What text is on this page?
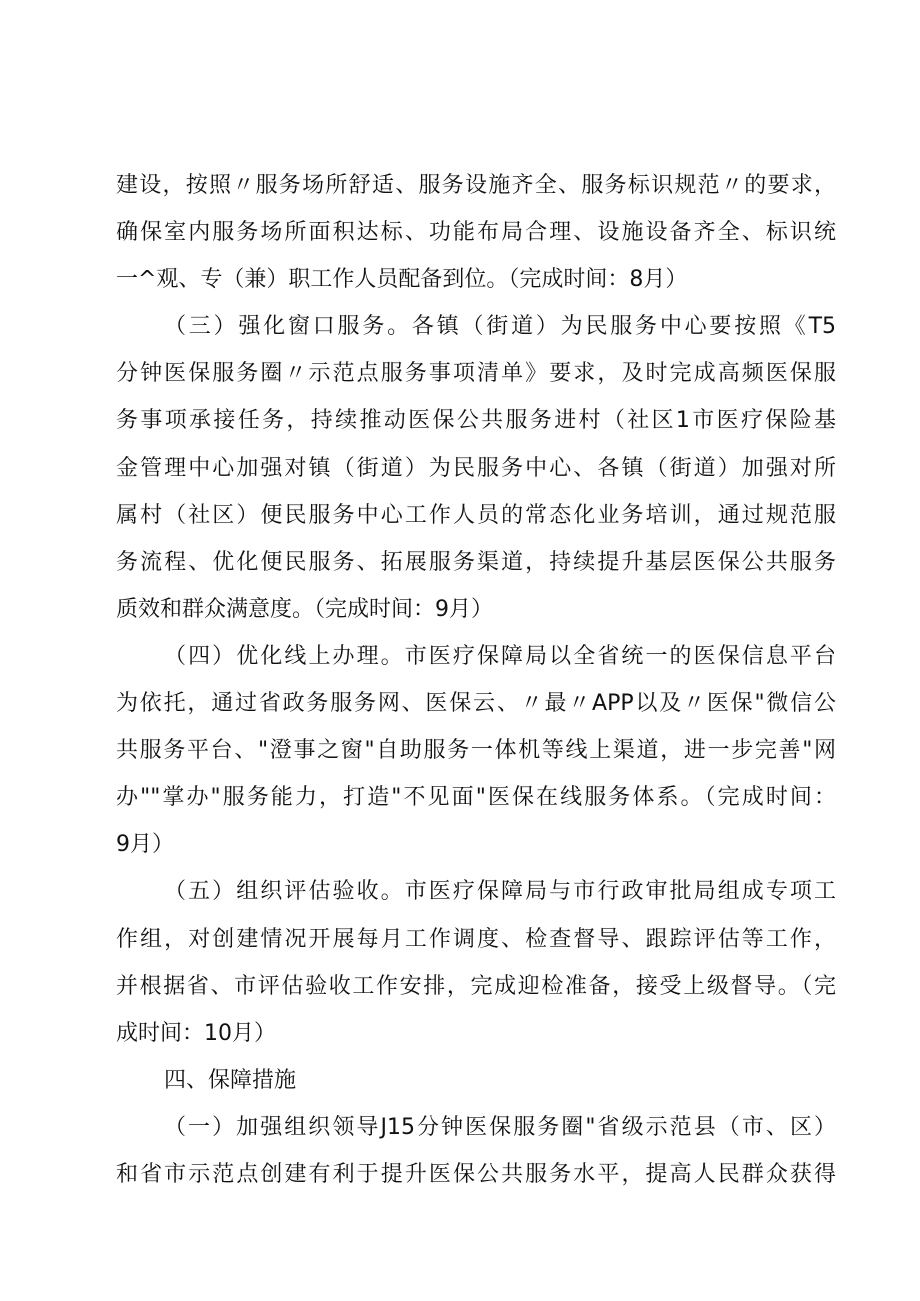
建设，按照〃服务场所舒适、服务设施齐全、服务标识规范〃的要求，
确保室内服务场所面积达标、功能布局合理、设施设备齐全、标识统
一^观、专（兼）职工作人员配备到位。（完成时间：8月）
（三）强化窗口服务。各镇（街道）为民服务中心要按照《T5
分钟医保服务圈〃示范点服务事项清单》要求，及时完成高频医保服
务事项承接任务，持续推动医保公共服务进村（社区1市医疗保险基
金管理中心加强对镇（街道）为民服务中心、各镇（街道）加强对所
属村（社区）便民服务中心工作人员的常态化业务培训，通过规范服
务流程、优化便民服务、拓展服务渠道，持续提升基层医保公共服务
质效和群众满意度。（完成时间：9月）
（四）优化线上办理。市医疗保障局以全省统一的医保信息平台
为依托，通过省政务服务网、医保云、〃最〃APP以及〃医保"微信公
共服务平台、"澄事之窗"自助服务一体机等线上渠道，进一步完善"网
办""掌办"服务能力，打造"不见面"医保在线服务体系。（完成时间：
9月）
（五）组织评估验收。市医疗保障局与市行政审批局组成专项工
作组，对创建情况开展每月工作调度、检查督导、跟踪评估等工作，
并根据省、市评估验收工作安排，完成迎检准备，接受上级督导。（完
成时间：10月）
四、保障措施
（一）加强组织领导J15分钟医保服务圈"省级示范县（市、区）
和省市示范点创建有利于提升医保公共服务水平，提高人民群众获得
